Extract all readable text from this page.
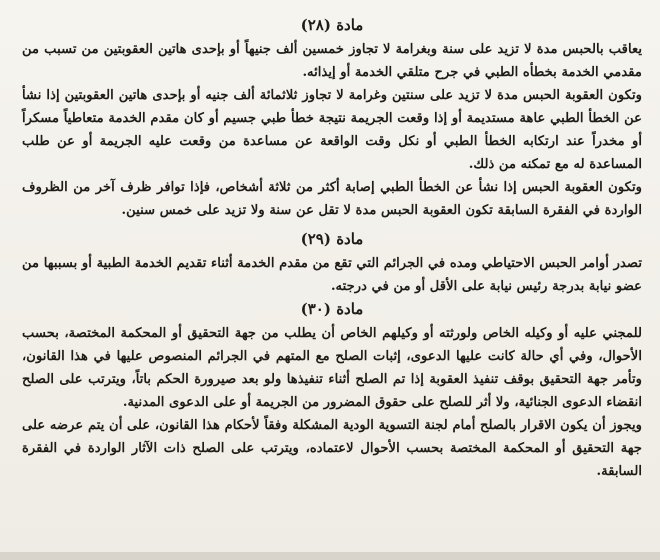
مادة (٢٨)

يعاقب بالحبس مدة لا تزيد على سنة وبغرامة لا تجاوز خمسين ألف جنيهاً أو بإحدى هاتين العقوبتين من تسبب من مقدمي الخدمة بخطأه الطبي في جرح متلقي الخدمة أو إيذائه.

وتكون العقوبة الحبس مدة لا تزيد على سنتين وغرامة لا تجاوز ثلاثمائة ألف جنيه أو بإحدى هاتين العقوبتين إذا نشأ عن الخطأ الطبي عاهة مستديمة أو إذا وقعت الجريمة نتيجة خطأ طبي جسيم أو كان مقدم الخدمة متعاطياً مسكراً أو مخدراً عند ارتكابه الخطأ الطبي أو نكل وقت الواقعة عن مساعدة من وقعت عليه الجريمة أو عن طلب المساعدة له مع تمكنه من ذلك.

وتكون العقوبة الحبس إذا نشأ عن الخطأ الطبي إصابة أكثر من ثلاثة أشخاص، فإذا توافر ظرف آخر من الظروف الواردة في الفقرة السابقة تكون العقوبة الحبس مدة لا تقل عن سنة ولا تزيد على خمس سنين.

مادة (٢٩)

تصدر أوامر الحبس الاحتياطي ومده في الجرائم التي تقع من مقدم الخدمة أثناء تقديم الخدمة الطبية أو بسببها من عضو نيابة بدرجة رئيس نيابة على الأقل أو من في درجته.

مادة (٣٠)

للمجني عليه أو وكيله الخاص ولورثته أو وكيلهم الخاص أن يطلب من جهة التحقيق أو المحكمة المختصة، بحسب الأحوال، وفي أي حالة كانت عليها الدعوى، إثبات الصلح مع المتهم في الجرائم المنصوص عليها في هذا القانون، وتأمر جهة التحقيق بوقف تنفيذ العقوبة إذا تم الصلح أثناء تنفيذها ولو بعد صيرورة الحكم باتاً، ويترتب على الصلح انقضاء الدعوى الجنائية، ولا أثر للصلح على حقوق المضرور من الجريمة أو على الدعوى المدنية.

ويجوز أن يكون الاقرار بالصلح أمام لجنة التسوية الودية المشكلة وفقاً لأحكام هذا القانون، على أن يتم عرضه على جهة التحقيق أو المحكمة المختصة بحسب الأحوال لاعتماده، ويترتب على الصلح ذات الآثار الواردة في الفقرة السابقة.
